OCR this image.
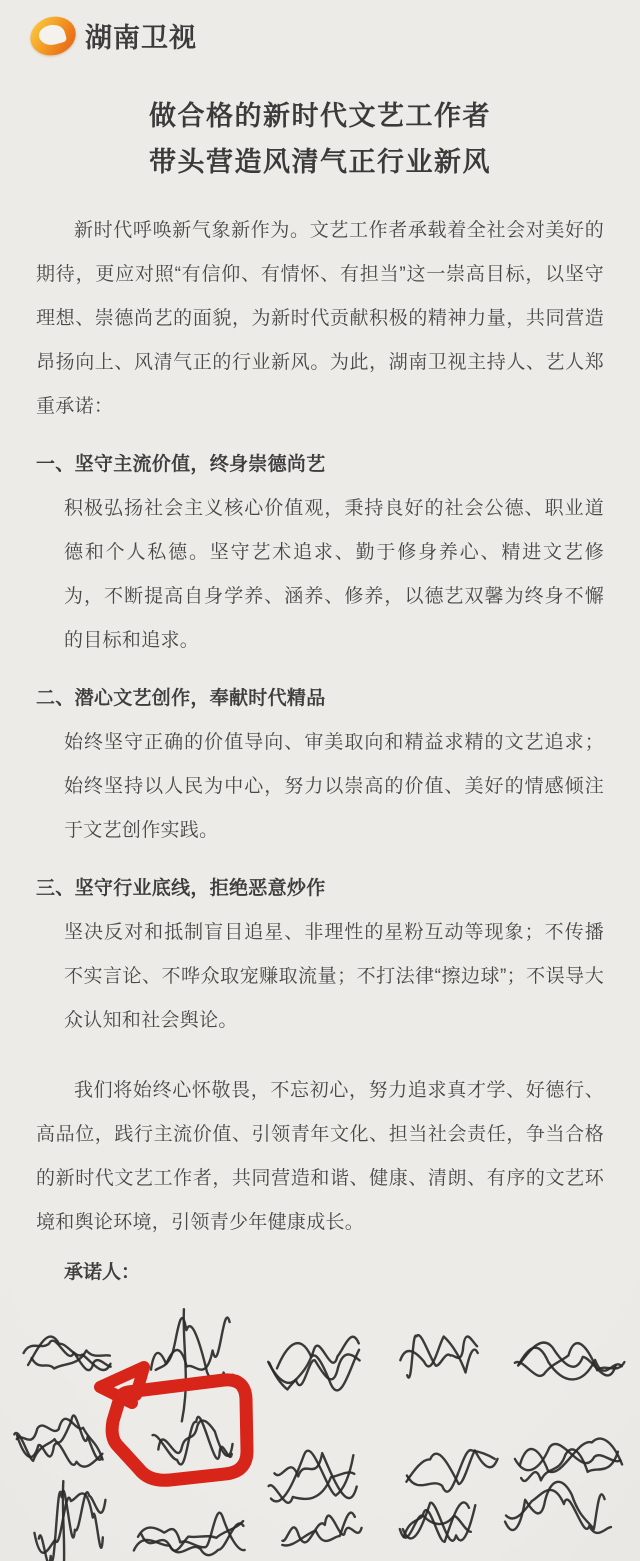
湖南卫视
做合格的新时代文艺工作者
带头营造风清气正行业新风

新时代呼唤新气象新作为。文艺工作者承载着全社会对美好的期待，更应对照“有信仰、有情怀、有担当”这一崇高目标，以坚守理想、崇德尚艺的面貌，为新时代贡献积极的精神力量，共同营造昂扬向上、风清气正的行业新风。为此，湖南卫视主持人、艺人郑重承诺：

一、坚守主流价值，终身崇德尚艺

积极弘扬社会主义核心价值观，秉持良好的社会公德、职业道德和个人私德。坚守艺术追求、勤于修身养心、精进文艺修为，不断提高自身学养、涵养、修养，以德艺双馨为终身不懈的目标和追求。

二、潜心文艺创作，奉献时代精品

始终坚守正确的价值导向、审美取向和精益求精的文艺追求；始终坚持以人民为中心，努力以崇高的价值、美好的情感倾注于文艺创作实践。

三、坚守行业底线，拒绝恶意炒作

坚决反对和抵制盲目追星、非理性的星粉互动等现象；不传播不实言论、不哗众取宠赚取流量；不打法律“擦边球”；不误导大众认知和社会舆论。

我们将始终心怀敬畏，不忘初心，努力追求真才学、好德行、高品位，践行主流价值、引领青年文化、担当社会责任，争当合格的新时代文艺工作者，共同营造和谐、健康、清朗、有序的文艺环境和舆论环境，引领青少年健康成长。

承诺人：
